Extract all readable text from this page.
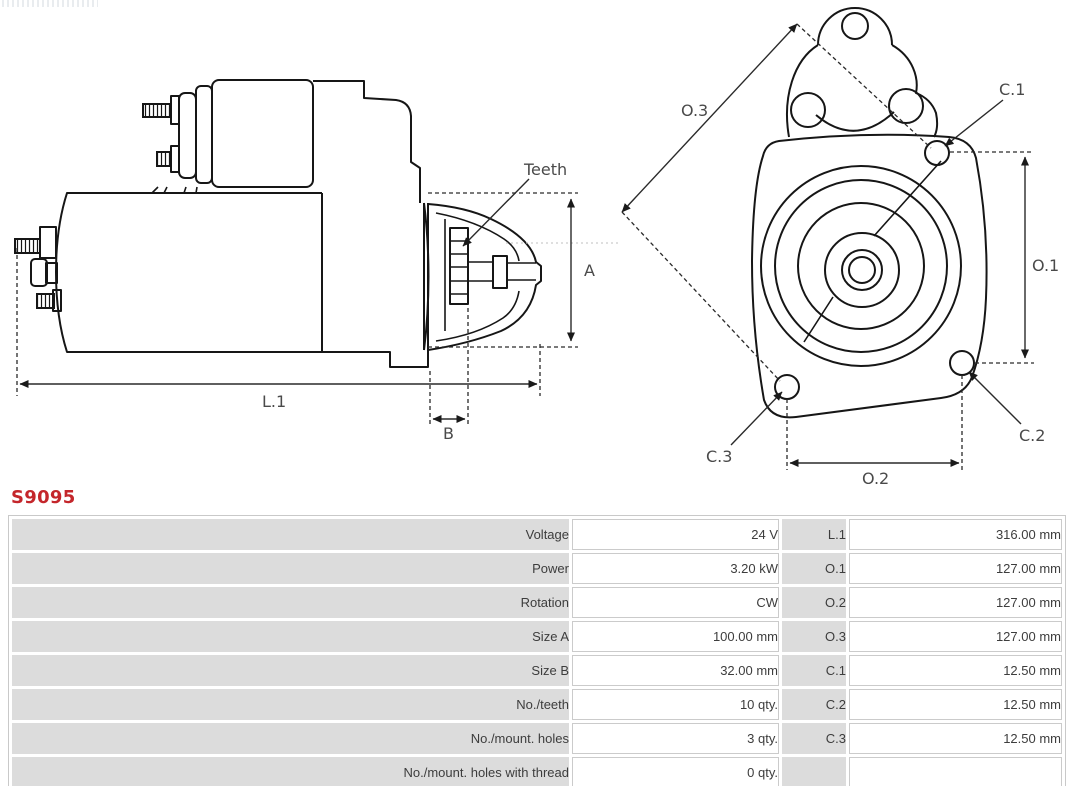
A
Teeth
L.1
B
O.3
C.1
O.1
C.2
C.3
O.2
S9095
Voltage	24 V	L.1	316.00 mm
Power	3.20 kW	O.1	127.00 mm
Rotation	CW	O.2	127.00 mm
Size A	100.00 mm	O.3	127.00 mm
Size B	32.00 mm	C.1	12.50 mm
No./teeth	10 qty.	C.2	12.50 mm
No./mount. holes	3 qty.	C.3	12.50 mm
No./mount. holes with thread	0 qty.		
